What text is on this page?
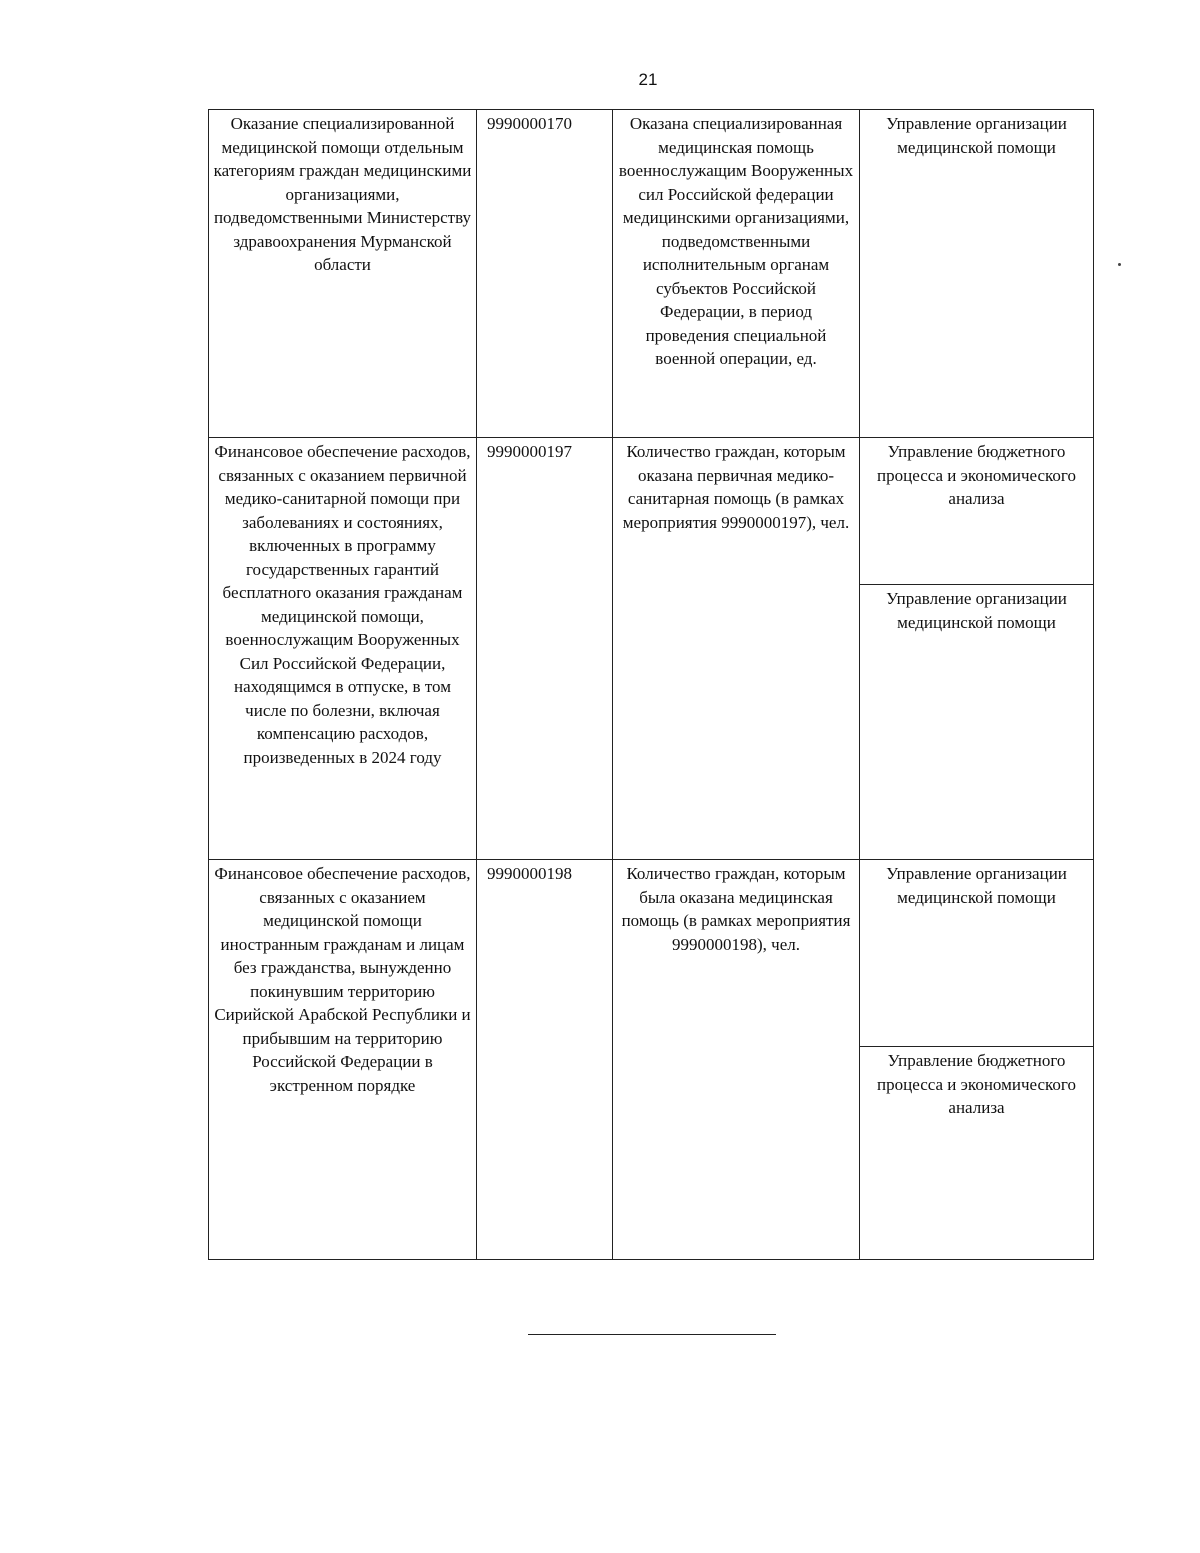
21
Оказание специализированной медицинской помощи отдельным категориям граждан медицинскими организациями, подведомственными Министерству здравоохранения Мурманской области	9990000170	Оказана специализированная медицинская помощь военнослужащим Вооруженных сил Российской федерации медицинскими организациями, подведомственными исполнительным органам субъектов Российской Федерации, в период проведения специальной военной операции, ед.	Управление организации медицинской помощи

Финансовое обеспечение расходов, связанных с оказанием первичной медико-санитарной помощи при заболеваниях и состояниях, включенных в программу государственных гарантий бесплатного оказания гражданам медицинской помощи, военнослужащим Вооруженных Сил Российской Федерации, находящимся в отпуске, в том числе по болезни, включая компенсацию расходов, произведенных в 2024 году	9990000197	Количество граждан, которым оказана первичная медико-санитарная помощь (в рамках мероприятия 9990000197), чел.	Управление бюджетного процесса и экономического анализа
Управление организации медицинской помощи

Финансовое обеспечение расходов, связанных с оказанием медицинской помощи иностранным гражданам и лицам без гражданства, вынужденно покинувшим территорию Сирийской Арабской Республики и прибывшим на территорию Российской Федерации в экстренном порядке	9990000198	Количество граждан, которым была оказана медицинская помощь (в рамках мероприятия 9990000198), чел.	Управление организации медицинской помощи
Управление бюджетного процесса и экономического анализа
